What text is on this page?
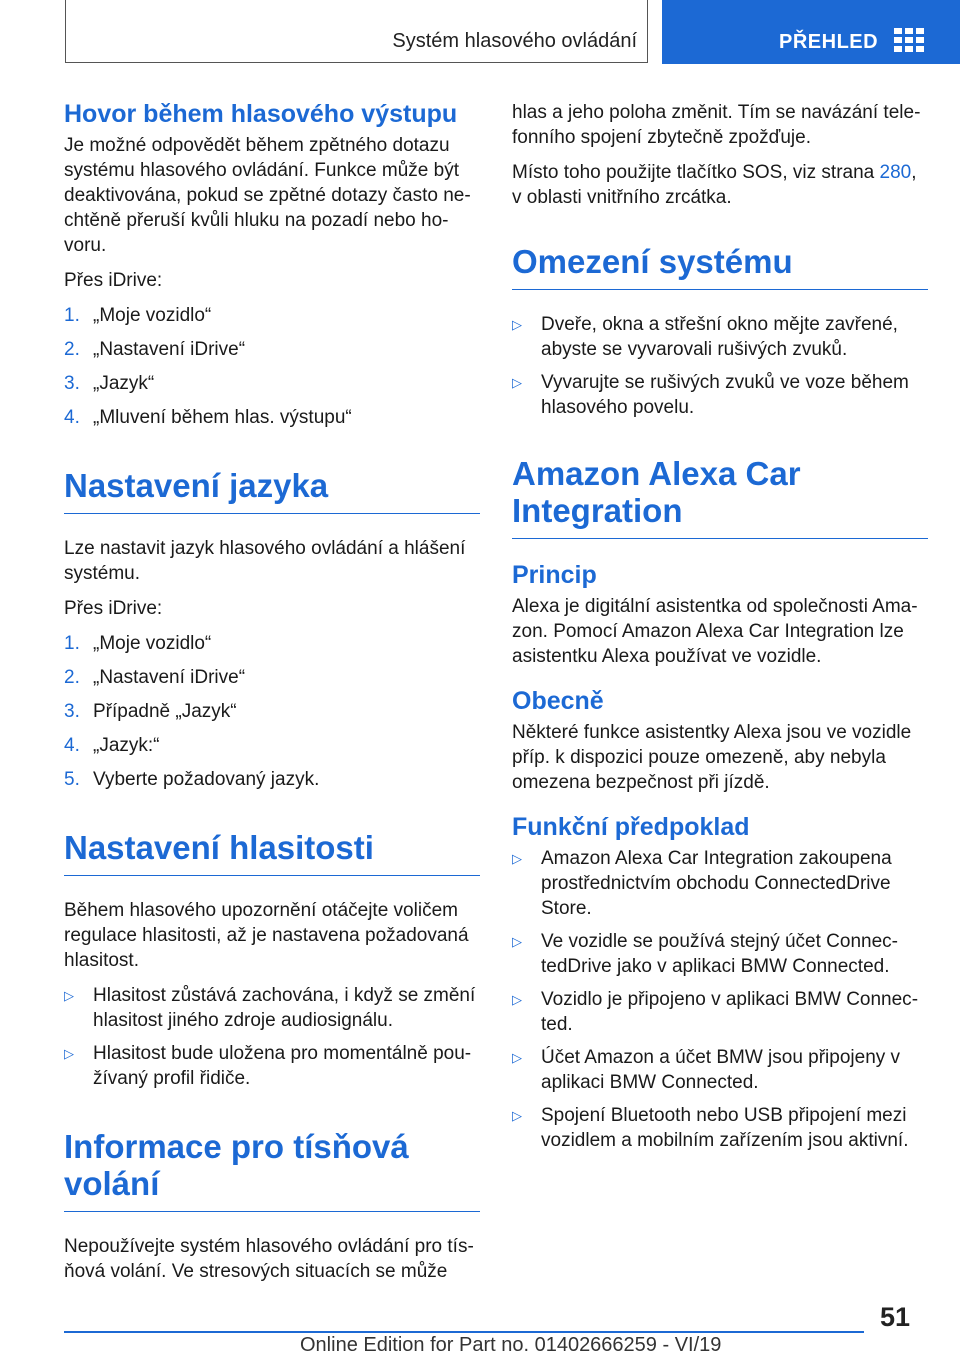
Systém hlasového ovládání	PŘEHLED
Hovor během hlasového výstupu

Je možné odpovědět během zpětného dotazu systému hlasového ovládání. Funkce může být deaktivována, pokud se zpětné dotazy často nechtěně přeruší kvůli hluku na pozadí nebo hovoru.

Přes iDrive:

1. „Moje vozidlo“
2. „Nastavení iDrive“
3. „Jazyk“
4. „Mluvení během hlas. výstupu“
Nastavení jazyka

Lze nastavit jazyk hlasového ovládání a hlášení systému.

Přes iDrive:

1. „Moje vozidlo“
2. „Nastavení iDrive“
3. Případně „Jazyk“
4. „Jazyk:“
5. Vyberte požadovaný jazyk.
Nastavení hlasitosti

Během hlasového upozornění otáčejte voličem regulace hlasitosti, až je nastavena požadovaná hlasitost.

▷	Hlasitost zůstává zachována, i když se změní hlasitost jiného zdroje audiosignálu.
▷	Hlasitost bude uložena pro momentálně používaný profil řidiče.
Informace pro tísňová volání

Nepoužívejte systém hlasového ovládání pro tísňová volání. Ve stresových situacích se může

hlas a jeho poloha změnit. Tím se navázání telefonního spojení zbytečně zpožďuje.

Místo toho použijte tlačítko SOS, viz strana 280, v oblasti vnitřního zrcátka.

Omezení systému
▷	Dveře, okna a střešní okno mějte zavřené, abyste se vyvarovali rušivých zvuků.
▷	Vyvarujte se rušivých zvuků ve voze během hlasového povelu.
Amazon Alexa Car Integration
Princip

Alexa je digitální asistentka od společnosti Amazon. Pomocí Amazon Alexa Car Integration lze asistentku Alexa používat ve vozidle.

Obecně

Některé funkce asistentky Alexa jsou ve vozidle příp. k dispozici pouze omezeně, aby nebyla omezena bezpečnost při jízdě.

Funkční předpoklad
▷	Amazon Alexa Car Integration zakoupena prostřednictvím obchodu ConnectedDrive Store.
▷	Ve vozidle se používá stejný účet ConnectedDrive jako v aplikaci BMW Connected.
▷	Vozidlo je připojeno v aplikaci BMW Connected.
▷	Účet Amazon a účet BMW jsou připojeny v aplikaci BMW Connected.
▷	Spojení Bluetooth nebo USB připojení mezi vozidlem a mobilním zařízením jsou aktivní.
51
Online Edition for Part no. 01402666259 - VI/19
